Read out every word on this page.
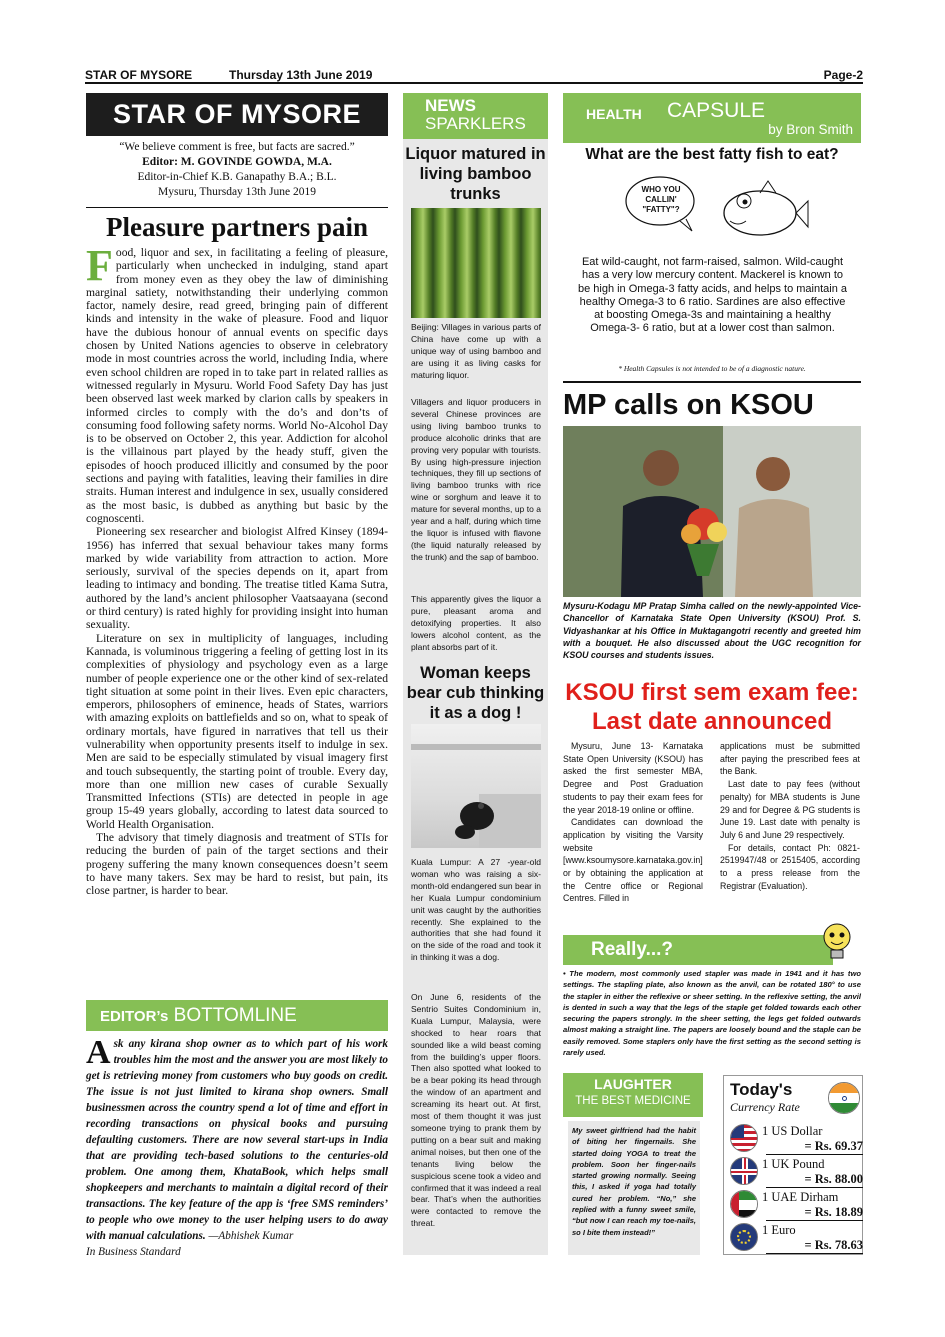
STAR OF MYSORE	Thursday 13th June 2019	Page-2
STAR OF MYSORE
“We believe comment is free, but facts are sacred.”
Editor: M. GOVINDE GOWDA, M.A.
Editor-in-Chief K.B. Ganapathy B.A.; B.L.
Mysuru, Thursday 13th June 2019
Pleasure partners pain

Food, liquor and sex, in facilitating a feeling of pleasure, particularly when unchecked in indulging, stand apart from money even as they obey the law of diminishing marginal satiety, notwithstanding their underlying common factor, namely desire, read greed, bringing pain of different kinds and intensity in the wake of pleasure. Food and liquor have the dubious honour of annual events on specific days chosen by United Nations agencies to observe in celebratory mode in most countries across the world, including India, where even school children are roped in to take part in related rallies as witnessed regularly in Mysuru. World Food Safety Day has just been observed last week marked by clarion calls by speakers in informed circles to comply with the do’s and don’ts of consuming food following safety norms. World No-Alcohol Day is to be observed on October 2, this year. Addiction for alcohol is the villainous part played by the heady stuff, given the episodes of hooch produced illicitly and consumed by the poor sections and paying with fatalities, leaving their families in dire straits. Human interest and indulgence in sex, usually considered as the most basic, is dubbed as anything but basic by the cognoscenti.

Pioneering sex researcher and biologist Alfred Kinsey (1894-1956) has inferred that sexual behaviour takes many forms marked by wide variability from attraction to action. More seriously, survival of the species depends on it, apart from leading to intimacy and bonding. The treatise titled Kama Sutra, authored by the land’s ancient philosopher Vaatsaayana (second or third century) is rated highly for providing insight into human sexuality.

Literature on sex in multiplicity of languages, including Kannada, is voluminous triggering a feeling of getting lost in its complexities of physiology and psychology even as a large number of people experience one or the other kind of sex-related tight situation at some point in their lives. Even epic characters, emperors, philosophers of eminence, heads of States, warriors with amazing exploits on battlefields and so on, what to speak of ordinary mortals, have figured in narratives that tell us their vulnerability when opportunity presents itself to indulge in sex. Men are said to be especially stimulated by visual imagery first and touch subsequently, the starting point of trouble. Every day, more than one million new cases of curable Sexually Transmitted Infections (STIs) are detected in people in age group 15-49 years globally, according to latest data sourced to World Health Organisation.

The advisory that timely diagnosis and treatment of STIs for reducing the burden of pain of the target sections and their progeny suffering the many known consequences doesn’t seem to have many takers. Sex may be hard to resist, but pain, its close partner, is harder to bear.

EDITOR’s BOTTOMLINE
Ask any kirana shop owner as to which part of his work troubles him the most and the answer you are most likely to get is retrieving money from customers who buy goods on credit. The issue is not just limited to kirana shop owners. Small businessmen across the country spend a lot of time and effort in recording transactions on physical books and pursuing defaulting customers. There are now several start-ups in India that are providing tech-based solutions to the centuries-old problem. One among them, KhataBook, which helps small shopkeepers and merchants to maintain a digital record of their transactions. The key feature of the app is ‘free SMS reminders’ to people who owe money to the user helping users to do away with manual calculations. —Abhishek Kumar
In Business Standard
NEWS
SPARKLERS
Liquor matured in living bamboo trunks
Beijing: Villages in various parts of China have come up with a unique way of using bamboo and are using it as living casks for maturing liquor.
Villagers and liquor producers in several Chinese provinces are using living bamboo trunks to produce alcoholic drinks that are proving very popular with tourists. By using high-pressure injection techniques, they fill up sections of living bamboo trunks with rice wine or sorghum and leave it to mature for several months, up to a year and a half, during which time the liquor is infused with flavone (the liquid naturally released by the trunk) and the sap of bamboo.
This apparently gives the liquor a pure, pleasant aroma and detoxifying properties. It also lowers alcohol content, as the plant absorbs part of it.
Woman keeps bear cub thinking it as a dog !
Kuala Lumpur: A 27 -year-old woman who was raising a six-month-old endangered sun bear in her Kuala Lumpur condominium unit was caught by the authorities recently. She explained to the authorities that she had found it on the side of the road and took it in thinking it was a dog.
On June 6, residents of the Sentrio Suites Condominium in, Kuala Lumpur, Malaysia, were shocked to hear roars that sounded like a wild beast coming from the building’s upper floors. Then also spotted what looked to be a bear poking its head through the window of an apartment and screaming its heart out. At first, most of them thought it was just someone trying to prank them by putting on a bear suit and making animal noises, but then one of the tenants living below the suspicious scene took a video and confirmed that it was indeed a real bear. That’s when the authorities were contacted to remove the threat.
HEALTH CAPSULE
by Bron Smith
What are the best fatty fish to eat?
WHO YOU CALLIN' "FATTY"?
Eat wild-caught, not farm-raised, salmon. Wild-caught has a very low mercury content. Mackerel is known to be high in Omega-3 fatty acids, and helps to maintain a healthy Omega-3 to 6 ratio. Sardines are also effective at boosting Omega-3s and maintaining a healthy Omega-3- 6 ratio, but at a lower cost than salmon.
* Health Capsules is not intended to be of a diagnostic nature.
MP calls on KSOU
Mysuru-Kodagu MP Pratap Simha called on the newly-appointed Vice-Chancellor of Karnataka State Open University (KSOU) Prof. S. Vidyashankar at his Office in Muktagangotri recently and greeted him with a bouquet. He also discussed about the UGC recognition for KSOU courses and students issues.
KSOU first sem exam fee: Last date announced

Mysuru, June 13- Karnataka State Open University (KSOU) has asked the first semester MBA, Degree and Post Graduation students to pay their exam fees for the year 2018-19 online or offline.

Candidates can download the application by visiting the Varsity website [www.ksoumysore.karnataka.gov.in] or by obtaining the application at the Centre office or Regional Centres. Filled in

applications must be submitted after paying the prescribed fees at the Bank.

Last date to pay fees (without penalty) for MBA students is June 29 and for Degree & PG students is June 19. Last date with penalty is July 6 and June 29 respectively.

For details, contact Ph: 0821-2519947/48 or 2515405, according to a press release from the Registrar (Evaluation).

Really...?
• The modern, most commonly used stapler was made in 1941 and it has two settings. The stapling plate, also known as the anvil, can be rotated 180° to use the stapler in either the reflexive or sheer setting. In the reflexive setting, the anvil is dented in such a way that the legs of the staple get folded towards each other securing the papers strongly. In the sheer setting, the legs get folded outwards almost making a straight line. The papers are loosely bound and the staple can be easily removed. Some staplers only have the first setting as the second setting is rarely used.
LAUGHTER
THE BEST MEDICINE
My sweet girlfriend had the habit of biting her fingernails. She started doing YOGA to treat the problem. Soon her finger-nails started growing normally. Seeing this, I asked if yoga had totally cured her problem. “No,” she replied with a funny sweet smile, “but now I can reach my toe-nails, so I bite them instead!”
Today's
Currency Rate
1 US Dollar
= Rs. 69.37
1 UK Pound
= Rs. 88.00
1 UAE Dirham
= Rs. 18.89
1 Euro
= Rs. 78.63
